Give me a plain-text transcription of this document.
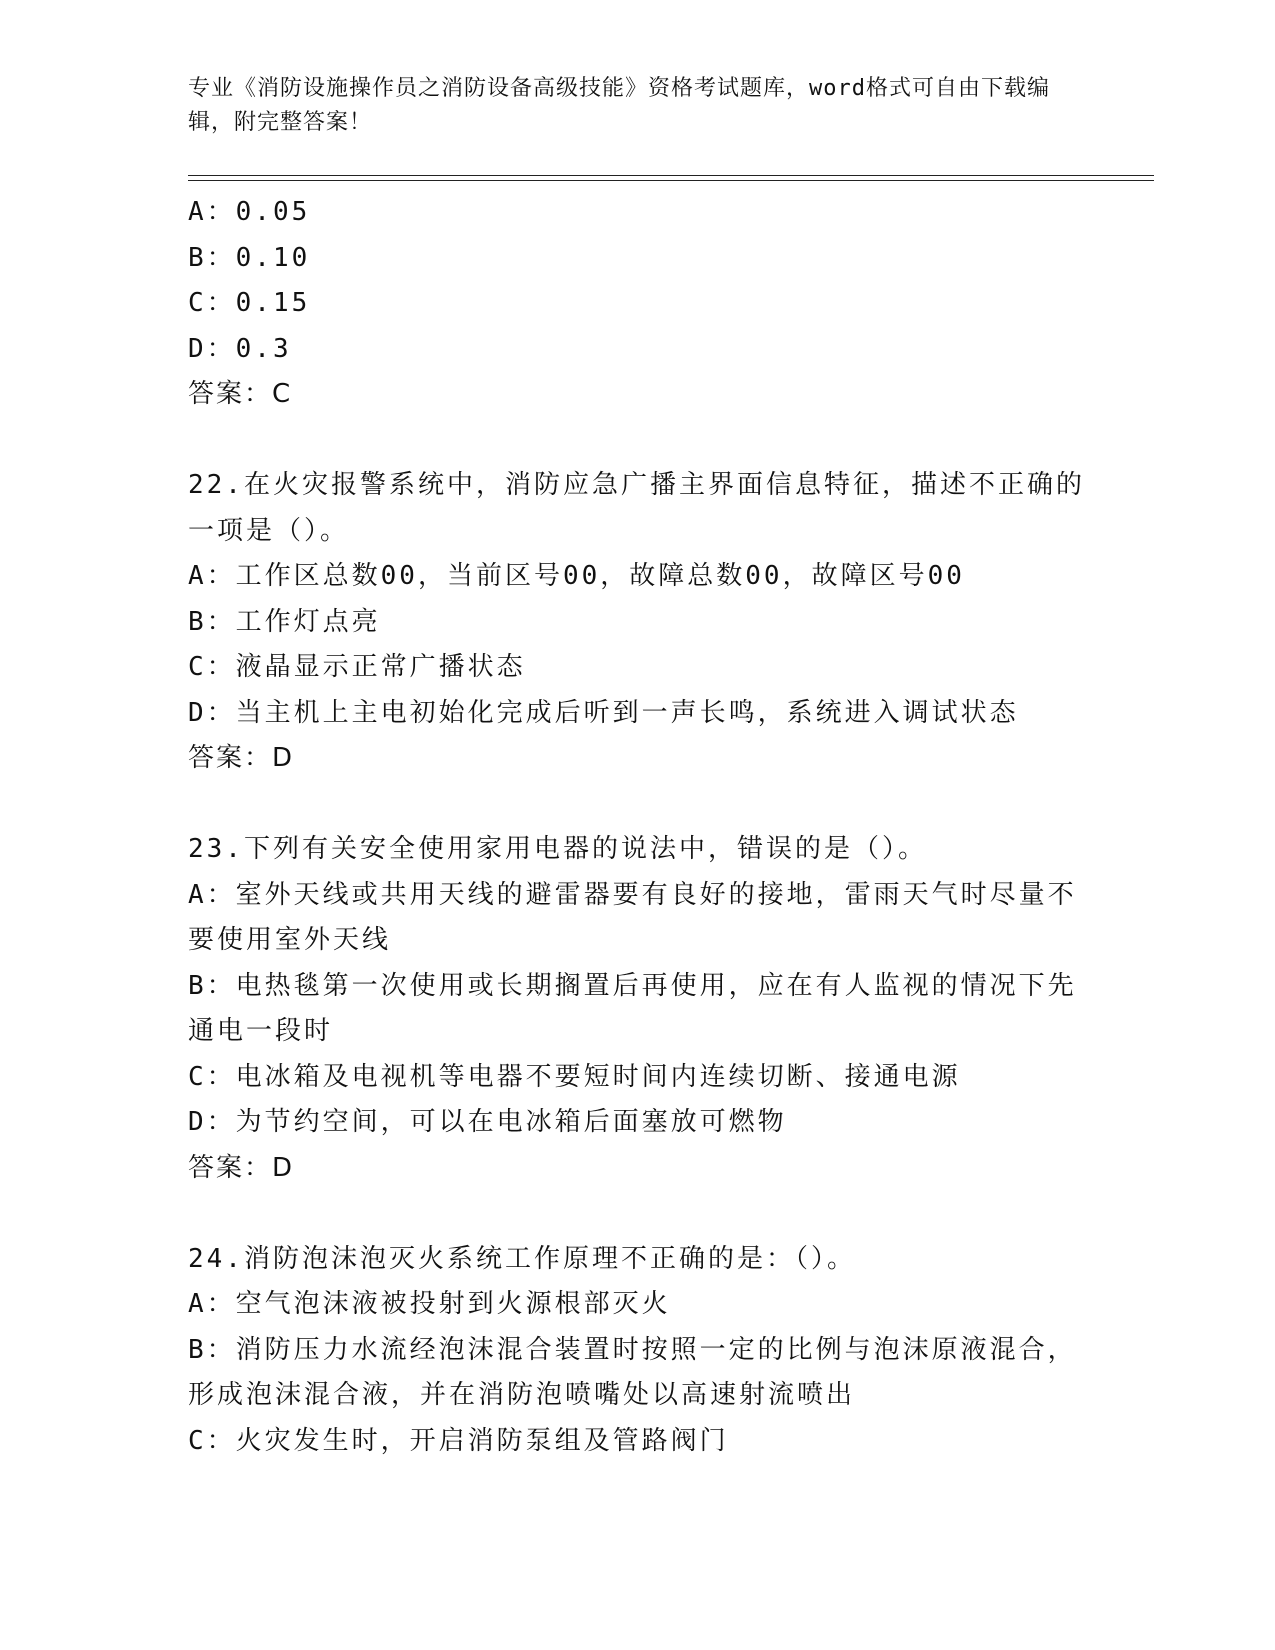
专业《消防设施操作员之消防设备高级技能》资格考试题库，word格式可自由下载编辑，附完整答案！
A：0.05
B：0.10
C：0.15
D：0.3
答案：C
22.在火灾报警系统中，消防应急广播主界面信息特征，描述不正确的一项是（）。
A：工作区总数00，当前区号00，故障总数00，故障区号00
B：工作灯点亮
C：液晶显示正常广播状态
D：当主机上主电初始化完成后听到一声长鸣，系统进入调试状态
答案：D
23.下列有关安全使用家用电器的说法中，错误的是（）。
A：室外天线或共用天线的避雷器要有良好的接地，雷雨天气时尽量不要使用室外天线
B：电热毯第一次使用或长期搁置后再使用，应在有人监视的情况下先通电一段时
C：电冰箱及电视机等电器不要短时间内连续切断、接通电源
D：为节约空间，可以在电冰箱后面塞放可燃物
答案：D
24.消防泡沫泡灭火系统工作原理不正确的是：（）。
A：空气泡沫液被投射到火源根部灭火
B：消防压力水流经泡沫混合装置时按照一定的比例与泡沫原液混合，形成泡沫混合液，并在消防泡喷嘴处以高速射流喷出
C：火灾发生时，开启消防泵组及管路阀门
